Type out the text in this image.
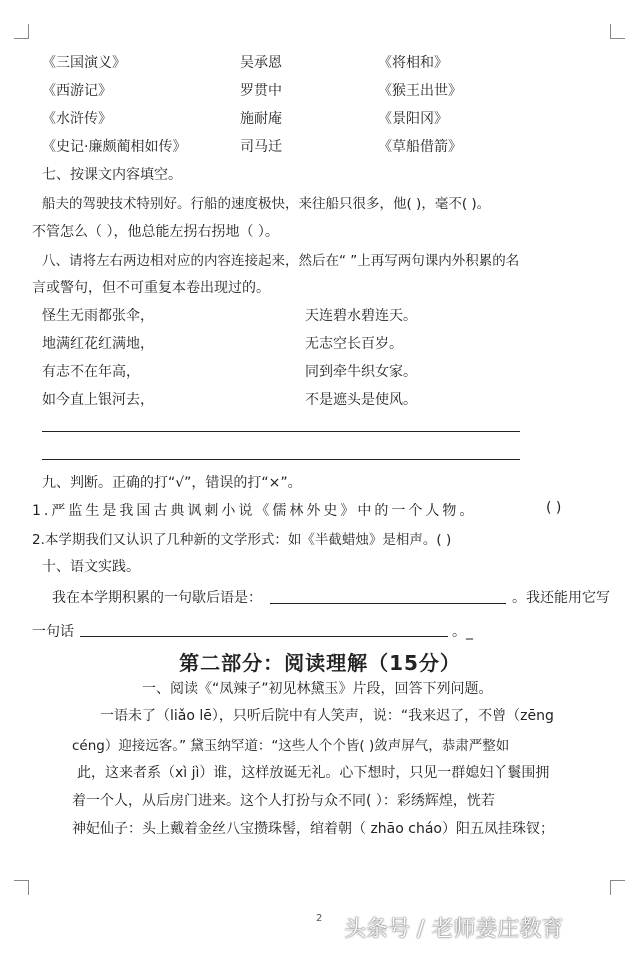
《三国演义》	吴承恩	《将相和》
《西游记》	罗贯中	《猴王出世》
《水浒传》	施耐庵	《景阳冈》
《史记·廉颇蔺相如传》	司马迁	《草船借箭》
七、按课文内容填空。
船夫的驾驶技术特别好。行船的速度极快，来往船只很多，他( )，毫不( )。
不管怎么（ ），他总能左拐右拐地（ ）。
八、请将左右两边相对应的内容连接起来，然后在“ ”上再写两句课内外积累的名
言或警句，但不可重复本卷出现过的。
怪生无雨都张伞，	天连碧水碧连天。
地满红花红满地，	无志空长百岁。
有志不在年高，	同到牵牛织女家。
如今直上银河去，	不是遮头是使风。
九、判断。正确的打“√”，错误的打“×”。
1.严监生是我国古典讽刺小说《儒林外史》中的一个人物。	( )
2.本学期我们又认识了几种新的文学形式：如《半截蜡烛》是相声。( )
十、语文实践。
我在本学期积累的一句歇后语是：	。我还能用它写
一句话	。_
第二部分：阅读理解（15分）
一、阅读《“凤辣子”初见林黛玉》片段，回答下列问题。
一语未了（liǎo lē），只听后院中有人笑声，说：“我来迟了，不曾（zēng
céng）迎接远客。” 黛玉纳罕道：“这些人个个皆( )敛声屏气，恭肃严整如
此，这来者系（xì jì）谁，这样放诞无礼。心下想时，只见一群媳妇丫鬟围拥
着一个人，从后房门进来。这个人打扮与众不同( ）：彩绣辉煌，恍若
神妃仙子：头上戴着金丝八宝攒珠髻，绾着朝（ zhāo cháo）阳五凤挂珠钗；
2 头条号 / 老师姜庄教育
